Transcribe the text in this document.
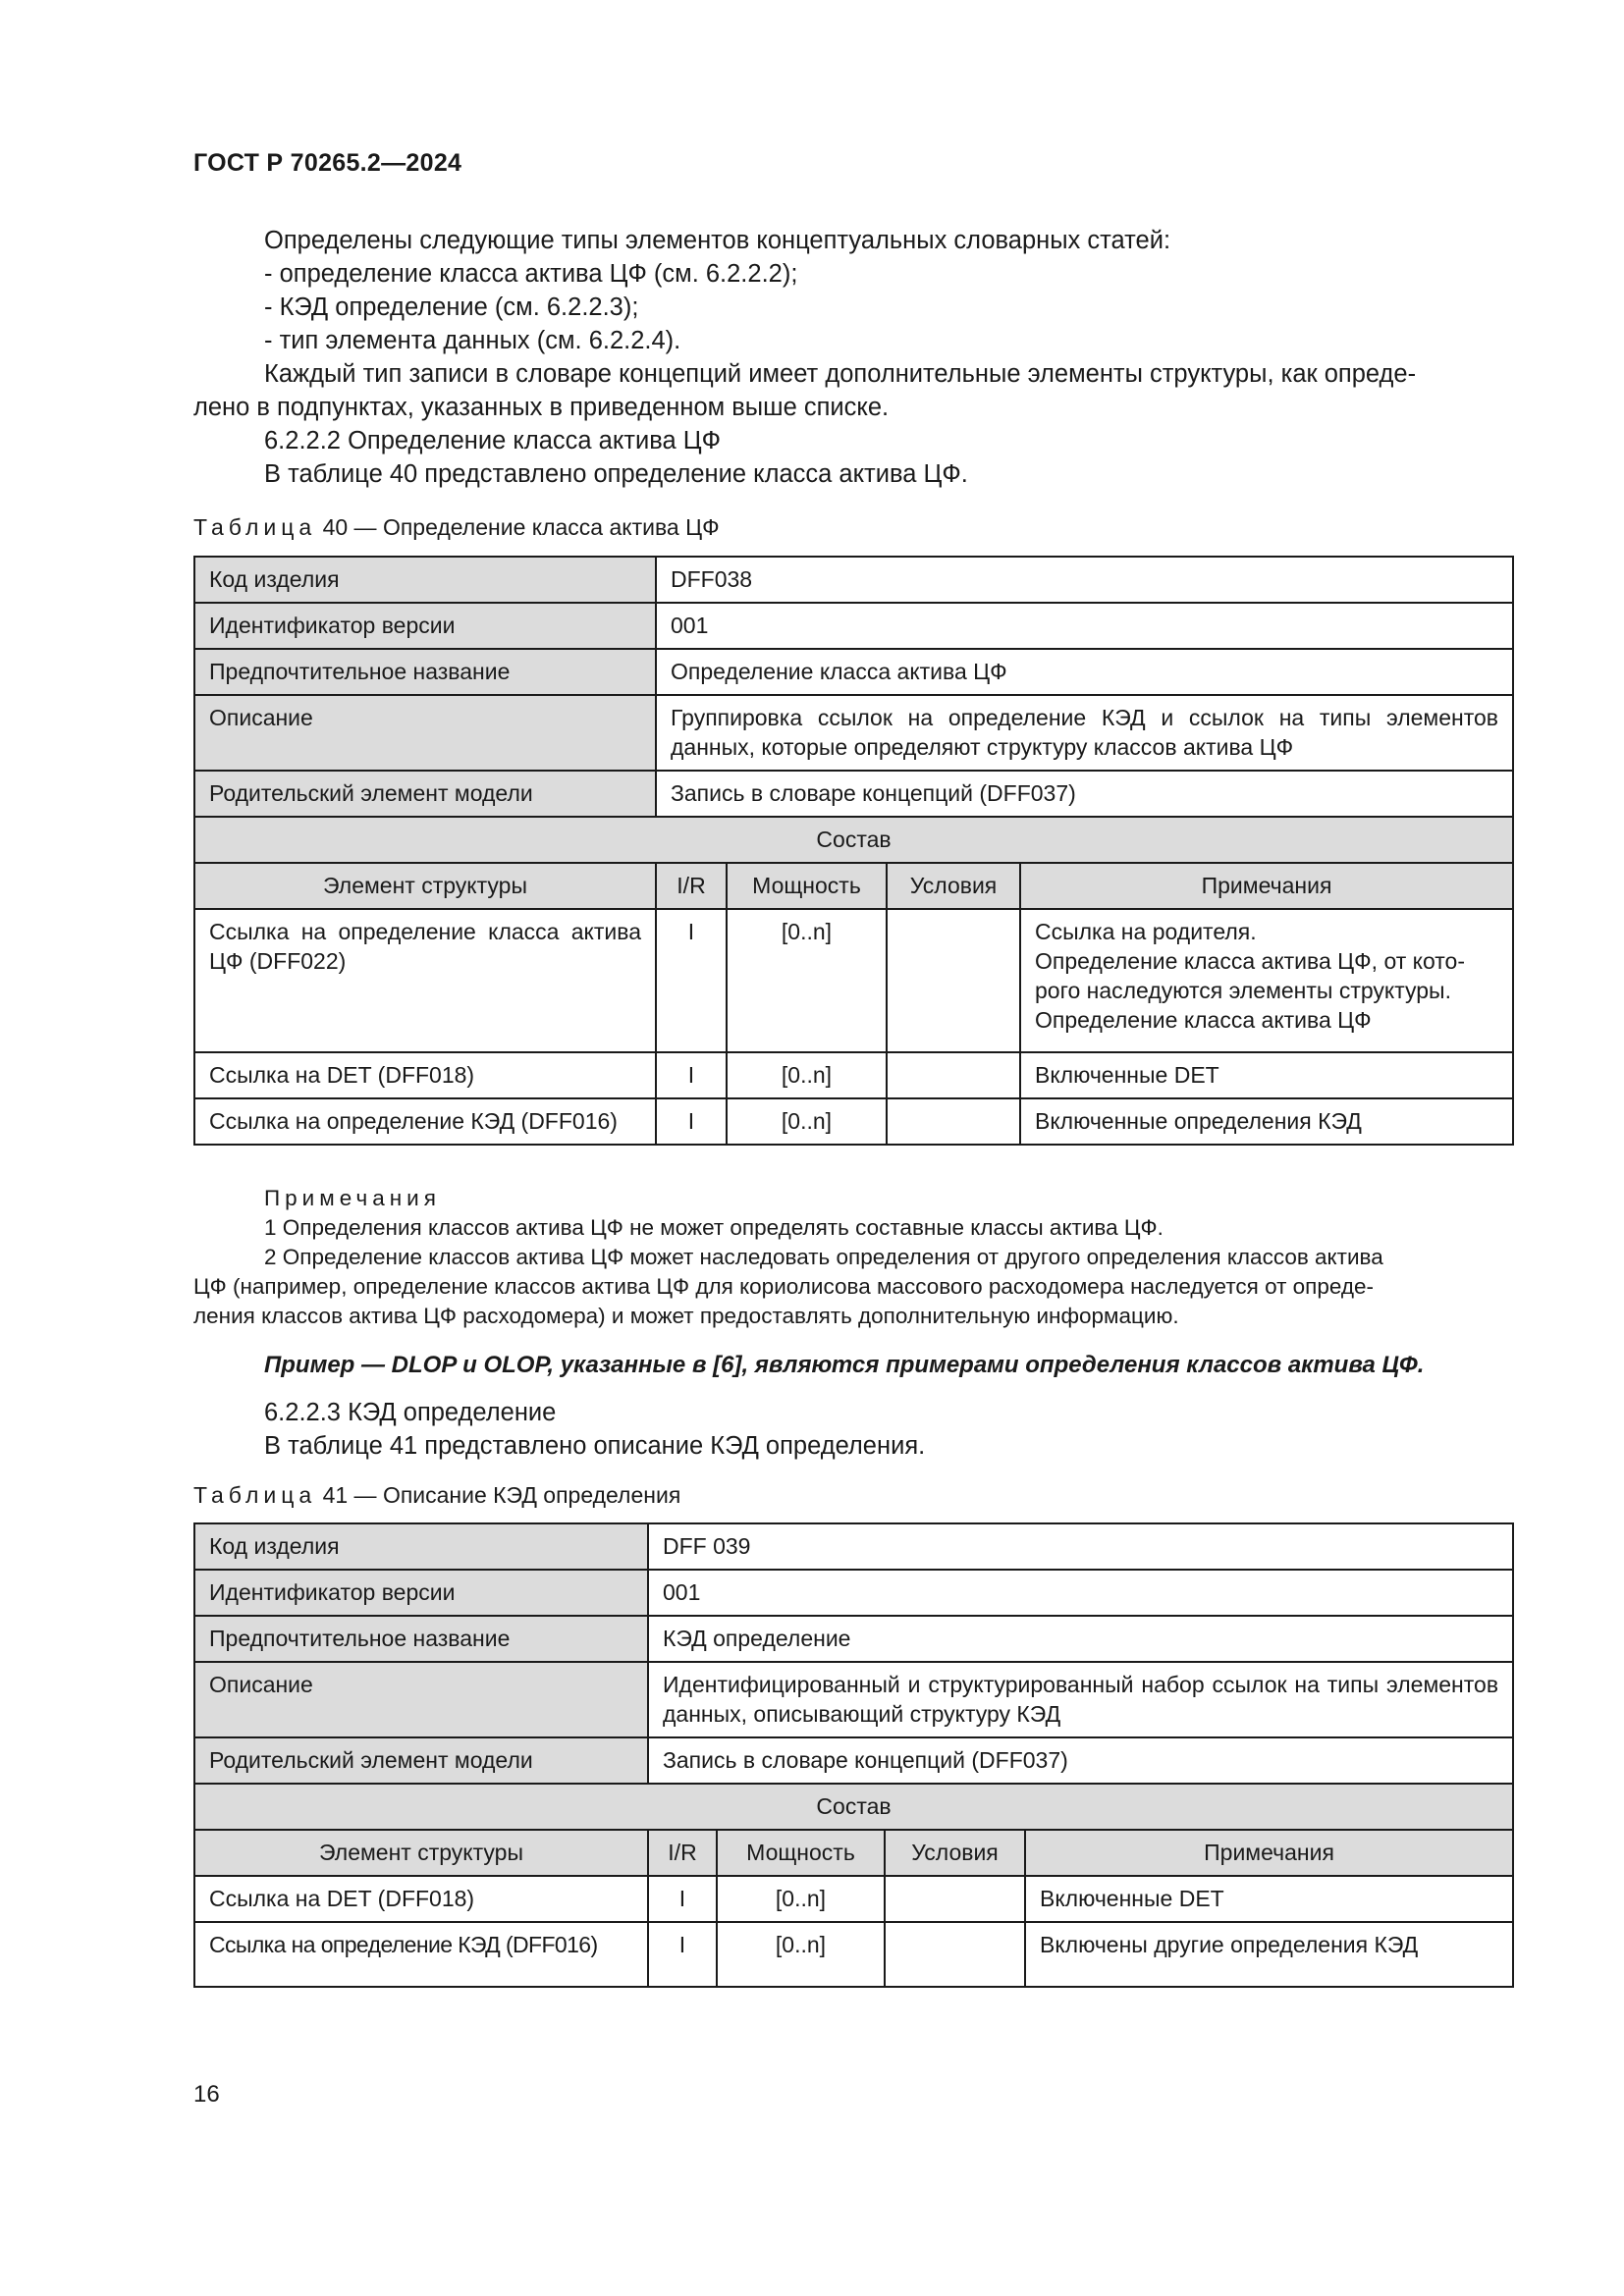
ГОСТ Р 70265.2—2024
Определены следующие типы элементов концептуальных словарных статей:
- определение класса актива ЦФ (см. 6.2.2.2);
- КЭД определение (см. 6.2.2.3);
- тип элемента данных (см. 6.2.2.4).
Каждый тип записи в словаре концепций имеет дополнительные элементы структуры, как опреде-
лено в подпунктах, указанных в приведенном выше списке.
6.2.2.2 Определение класса актива ЦФ
В таблице 40 представлено определение класса актива ЦФ.
Таблица 40 — Определение класса актива ЦФ
Код изделия	DFF038			
Идентификатор версии	001			
Предпочтительное название	Определение класса актива ЦФ			
Описание	Группировка ссылок на определение КЭД и ссылок на типы элементов данных, которые определяют структуру классов актива ЦФ			
Родительский элемент модели	Запись в словаре концепций (DFF037)			
Состав				
Элемент структуры	I/R	Мощность	Условия	Примечания
Ссылка на определение класса актива ЦФ (DFF022)	I	[0..n]		Ссылка на родителя.
Определение класса актива ЦФ, от кото-
рого наследуются элементы структуры.
Определение класса актива ЦФ

Ссылка на DET (DFF018)	I	[0..n]		Включенные DET
Ссылка на определение КЭД (DFF016)	I	[0..n]		Включенные определения КЭД
Примечания
1 Определения классов актива ЦФ не может определять составные классы актива ЦФ.
2 Определение классов актива ЦФ может наследовать определения от другого определения классов актива
ЦФ (например, определение классов актива ЦФ для кориолисова массового расходомера наследуется от опреде-
ления классов актива ЦФ расходомера) и может предоставлять дополнительную информацию.
Пример — DLOP и OLOP, указанные в [6], являются примерами определения классов актива ЦФ.
6.2.2.3 КЭД определение
В таблице 41 представлено описание КЭД определения.
Таблица 41 — Описание КЭД определения
Код изделия	DFF 039			
Идентификатор версии	001			
Предпочтительное название	КЭД определение			
Описание	Идентифицированный и структурированный набор ссылок на типы элементов данных, описывающий структуру КЭД			
Родительский элемент модели	Запись в словаре концепций (DFF037)			
Состав				
Элемент структуры	I/R	Мощность	Условия	Примечания
Ссылка на DET (DFF018)	I	[0..n]		Включенные DET
Ссылка на определение КЭД (DFF016)	I	[0..n]		Включены другие определения КЭД
16
